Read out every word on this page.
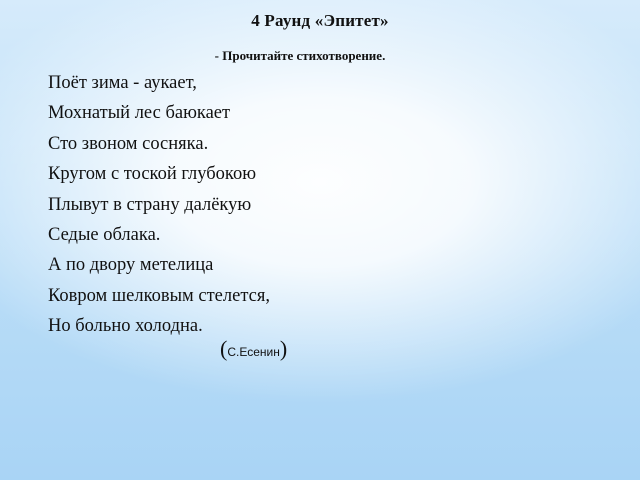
4 Раунд «Эпитет»
- Прочитайте стихотворение.
Поёт зима - аукает,
Мохнатый лес баюкает
Сто звоном сосняка.
Кругом с тоской глубокою
Плывут в страну далёкую
Седые облака.
А по двору метелица
Ковром шелковым стелется,
Но больно холодна.
(С.Есенин)
